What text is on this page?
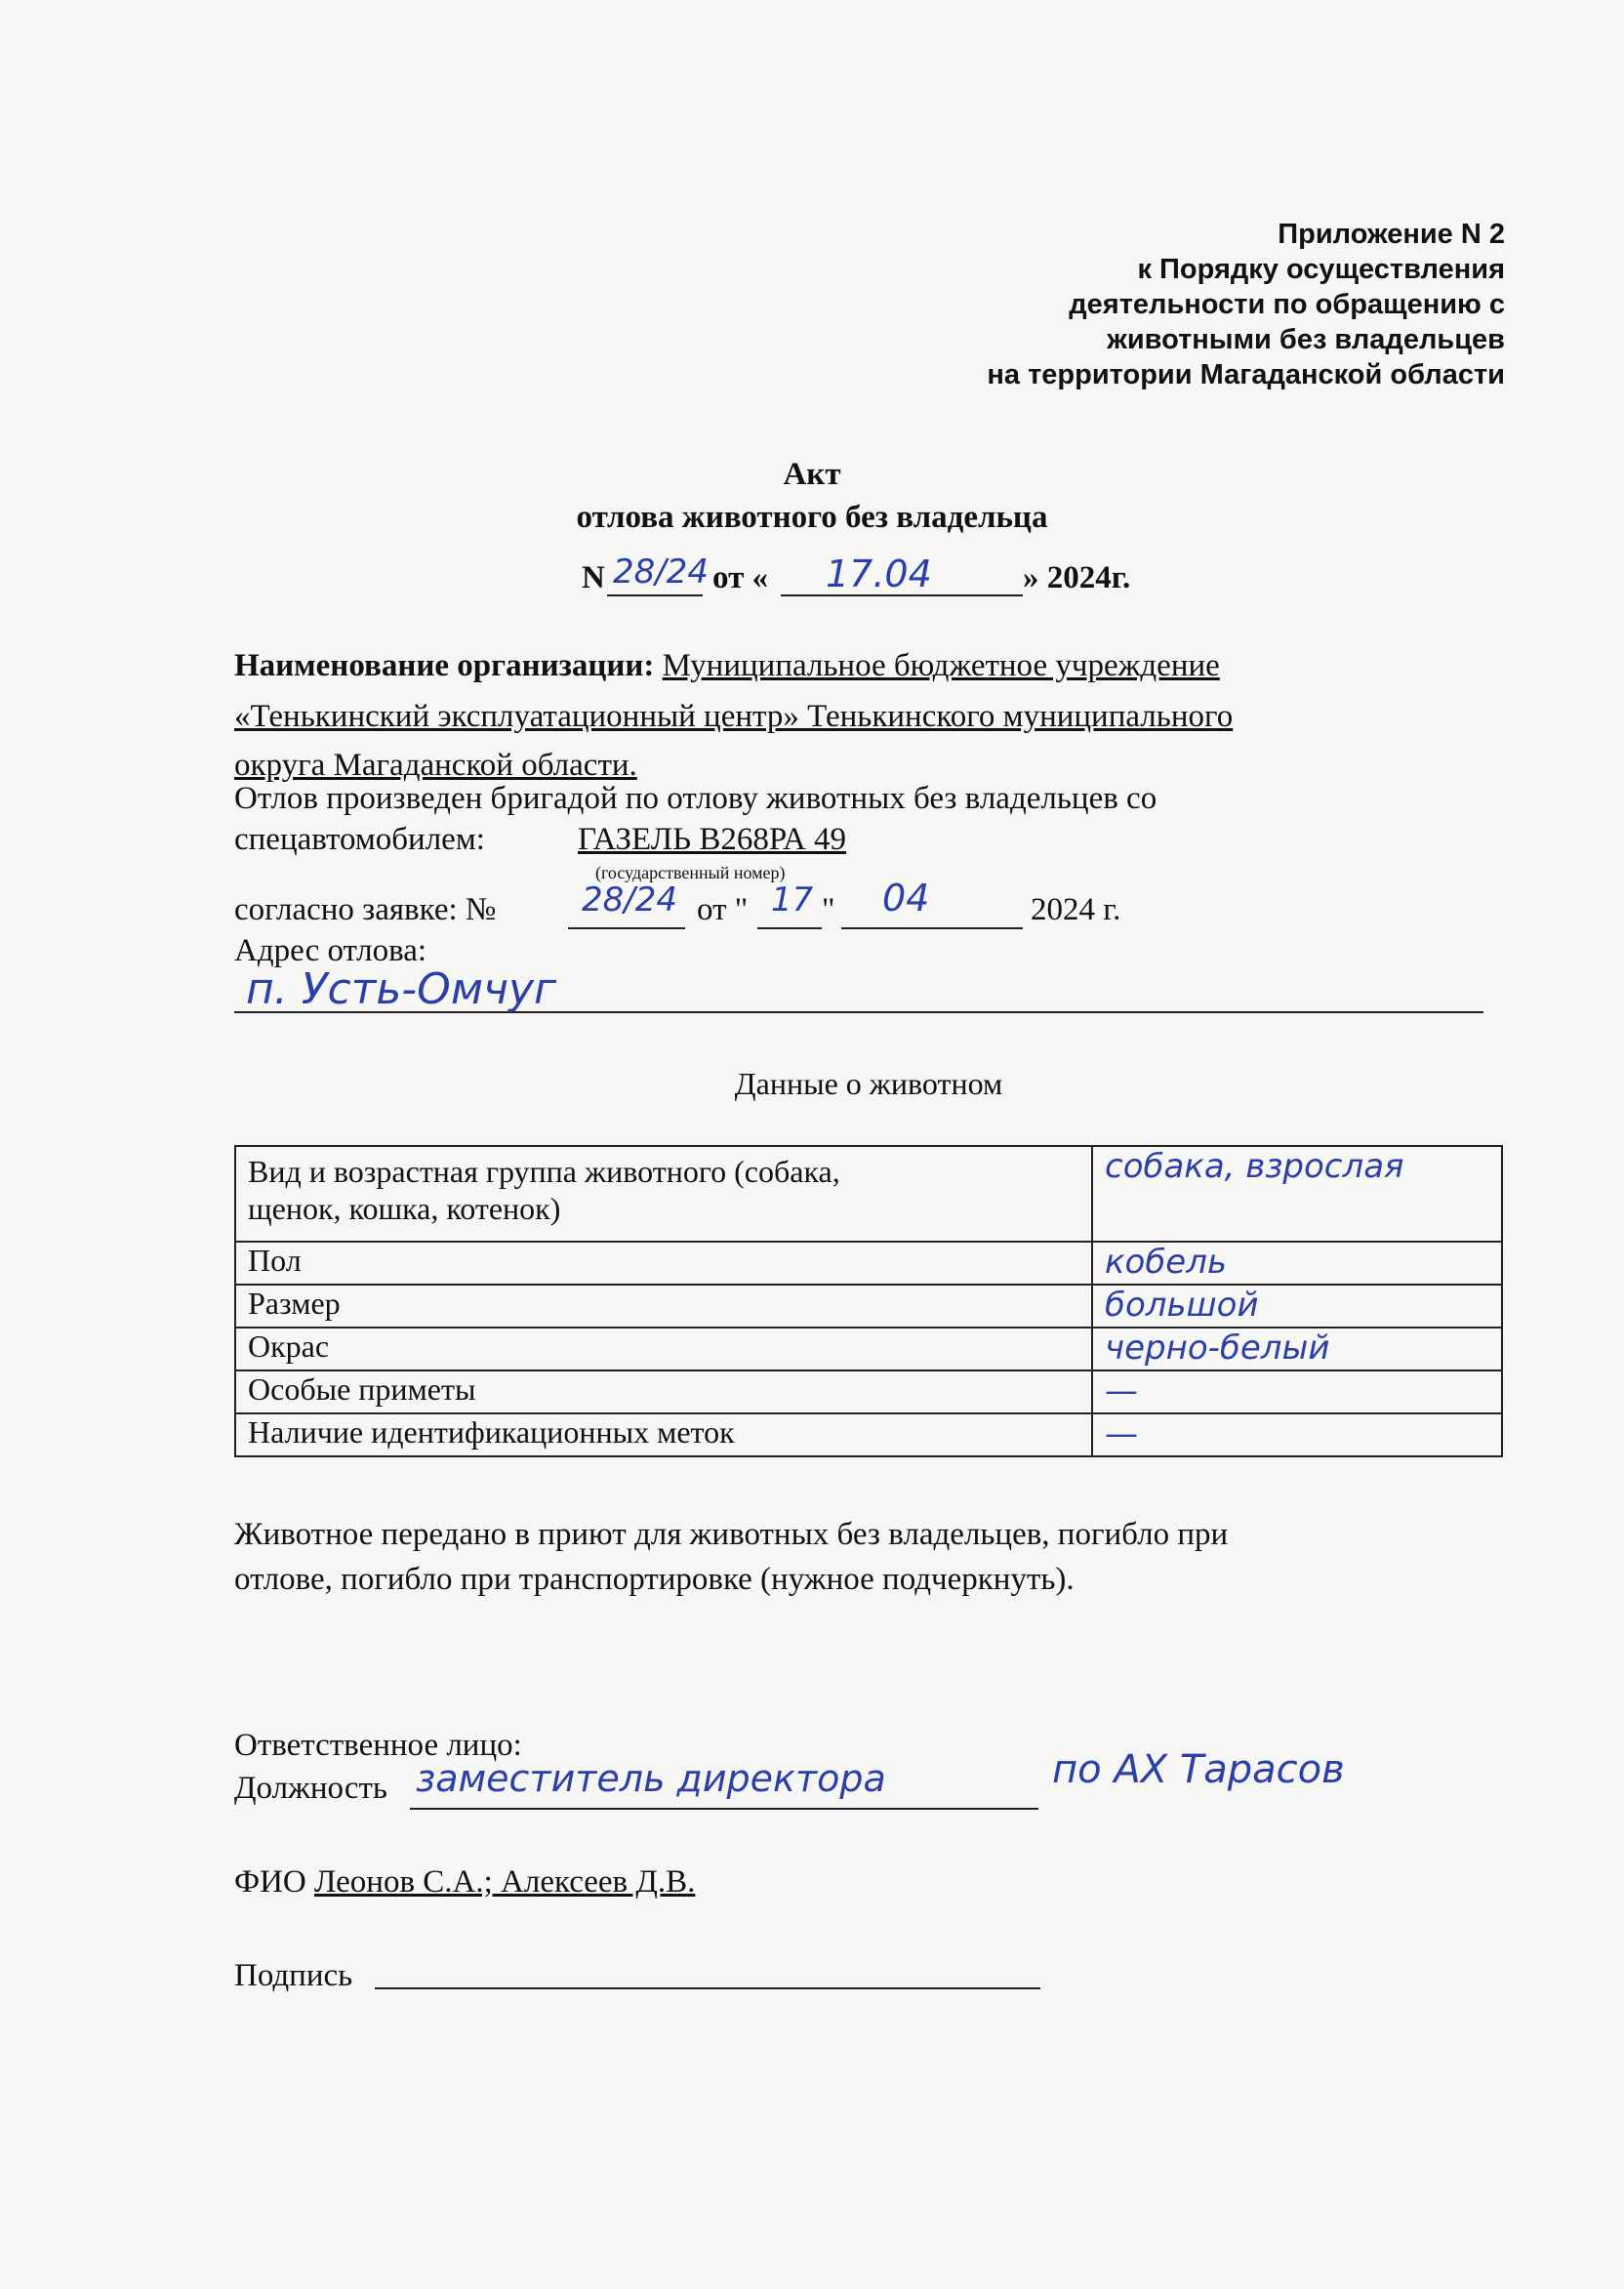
Приложение N 2
к Порядку осуществления
деятельности по обращению с
животными без владельцев
на территории Магаданской области
Акт
отлова животного без владельца
N 28/24 от « 17.04	» 2024г.
Наименование организации: Муниципальное бюджетное учреждение
«Тенькинский эксплуатационный центр» Тенькинского муниципального
округа Магаданской области.
Отлов произведен бригадой по отлову животных без владельцев со
спецавтомобилем:	ГАЗЕЛЬ В268РА 49
(государственный номер)
согласно заявке: №	28/24 от " 17 " 04	2024 г.
Адрес отлова:
п. Усть-Омчуг
Данные о животном
Вид и возрастная группа животного (собака,
щенок, кошка, котенок)	собака, взрослая
Пол	кобель
Размер	большой
Окрас	черно-белый
Особые приметы	—
Наличие идентификационных меток	—
Животное передано в приют для животных без владельцев, погибло при
отлове, погибло при транспортировке (нужное подчеркнуть).
Ответственное лицо:
Должность заместитель директора	по АХ Тарасов
ФИО Леонов С.А.; Алексеев Д.В.
Подпись
